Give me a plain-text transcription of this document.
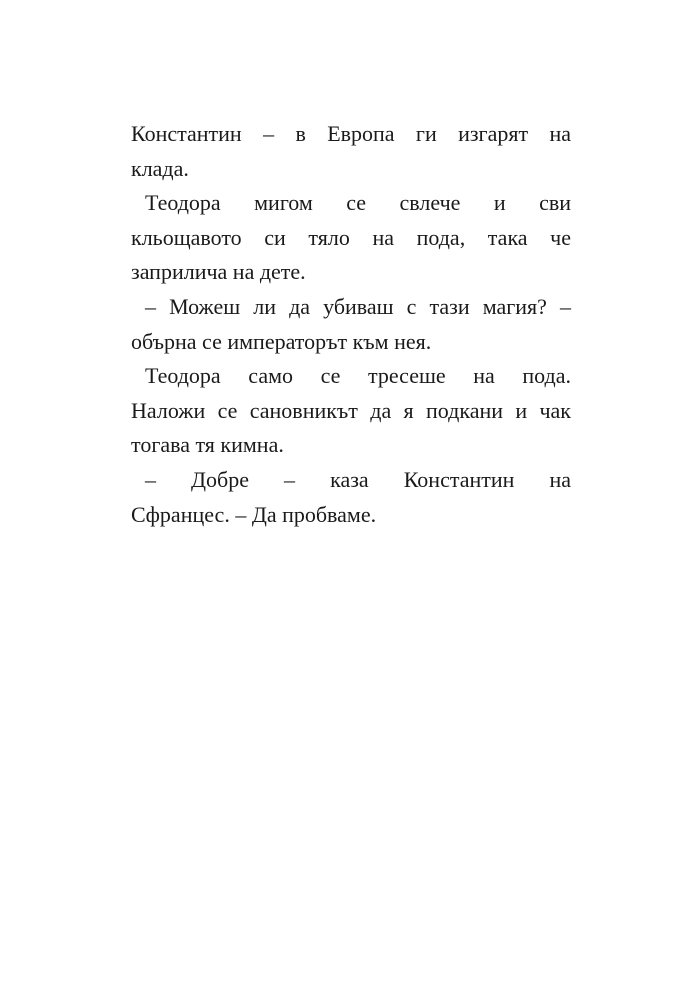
Константин – в Европа ги изгарят на
клада.
Теодора мигом се свлече и сви
кльощавото си тяло на пода, така че
заприлича на дете.
– Можеш ли да убиваш с тази магия? –
обърна се императорът към нея.
Теодора само се тресеше на пода.
Наложи се сановникът да я подкани и чак
тогава тя кимна.
– Добре – каза Константин на
Сфранцес. – Да пробваме.
